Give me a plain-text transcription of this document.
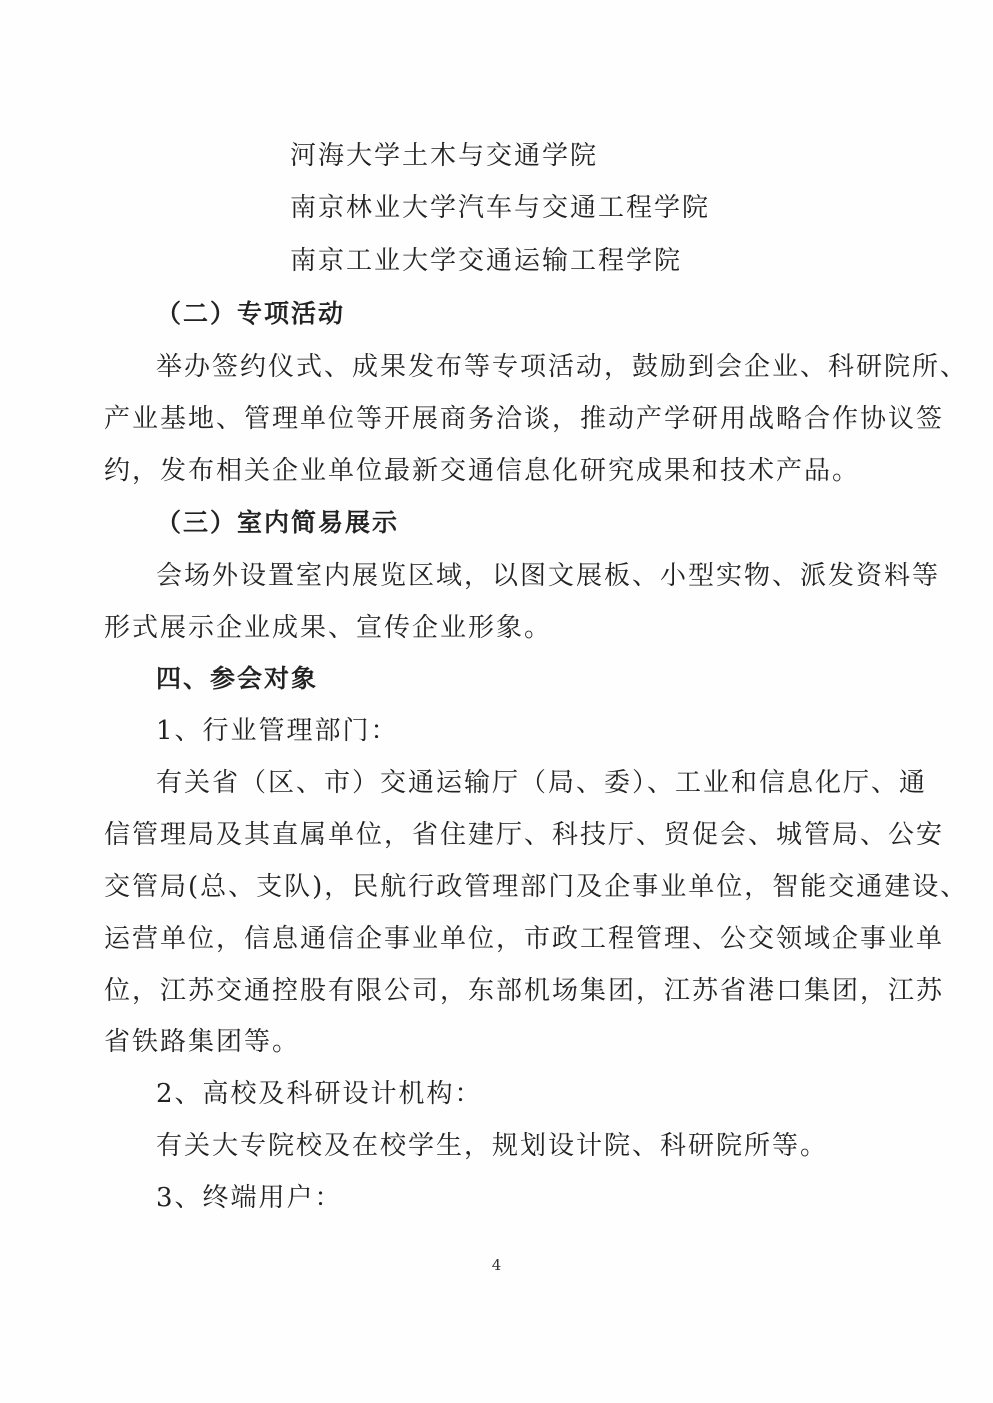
河海大学土木与交通学院
南京林业大学汽车与交通工程学院
南京工业大学交通运输工程学院
（二）专项活动
举办签约仪式、成果发布等专项活动，鼓励到会企业、科研院所、
产业基地、管理单位等开展商务洽谈，推动产学研用战略合作协议签
约，发布相关企业单位最新交通信息化研究成果和技术产品。
（三）室内简易展示
会场外设置室内展览区域，以图文展板、小型实物、派发资料等
形式展示企业成果、宣传企业形象。
四、参会对象
1、行业管理部门：
有关省（区、市）交通运输厅（局、委）、工业和信息化厅、通
信管理局及其直属单位，省住建厅、科技厅、贸促会、城管局、公安
交管局(总、支队)，民航行政管理部门及企事业单位，智能交通建设、
运营单位，信息通信企事业单位，市政工程管理、公交领域企事业单
位，江苏交通控股有限公司，东部机场集团，江苏省港口集团，江苏
省铁路集团等。
2、高校及科研设计机构：
有关大专院校及在校学生，规划设计院、科研院所等。
3、终端用户：
4
